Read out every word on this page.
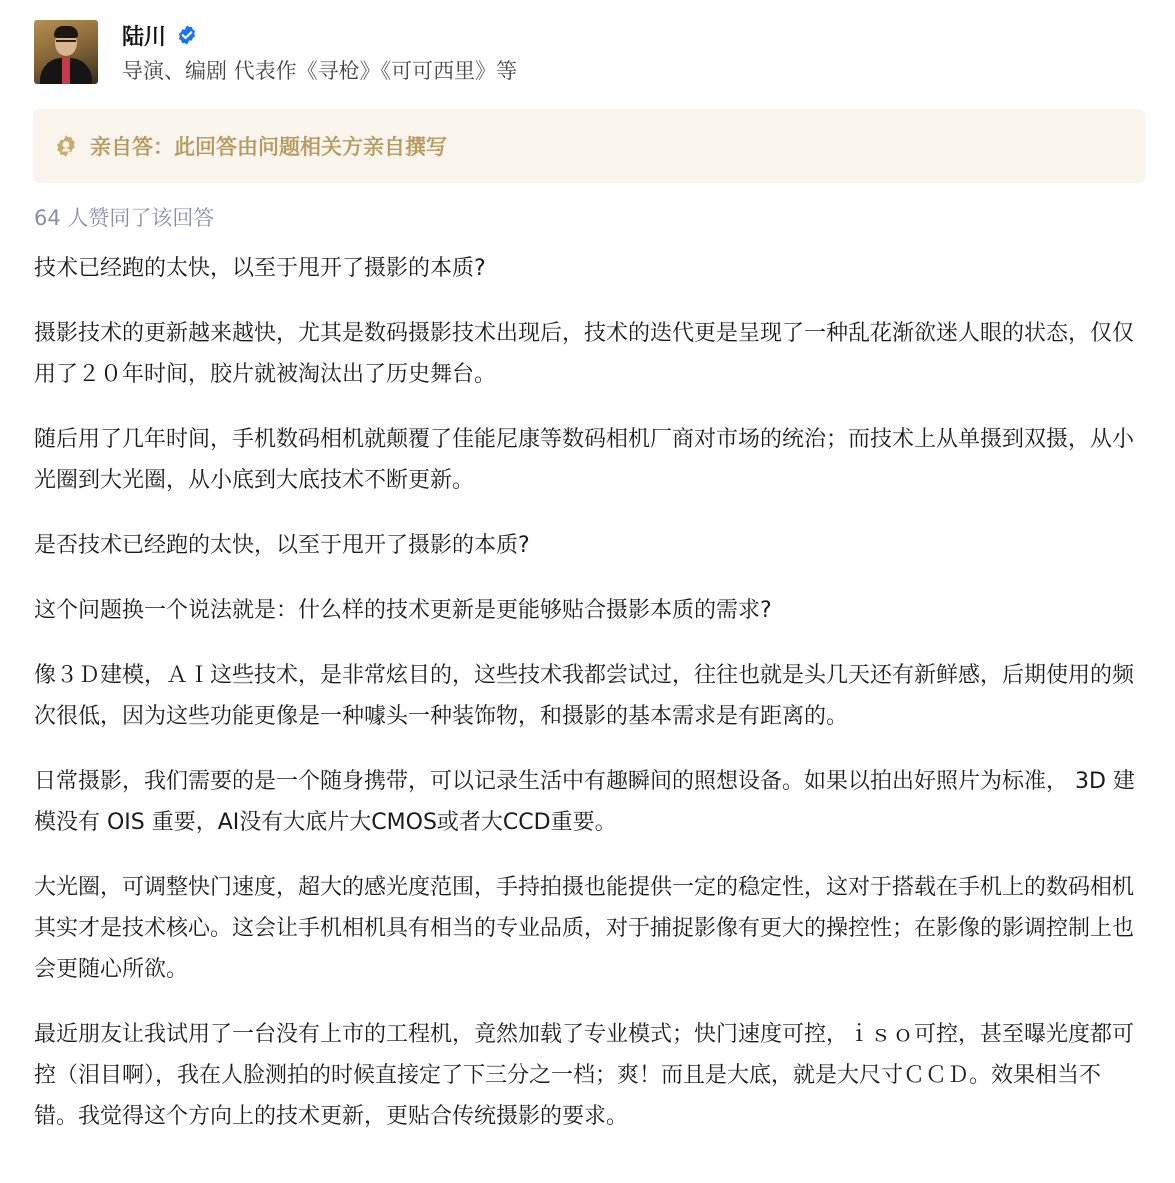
陆川
导演、编剧 代表作《寻枪》《可可西里》等
亲自答：此回答由问题相关方亲自撰写
64 人赞同了该回答

技术已经跑的太快，以至于甩开了摄影的本质?

摄影技术的更新越来越快，尤其是数码摄影技术出现后，技术的迭代更是呈现了一种乱花渐欲迷人眼的状态，仅仅用了２０年时间，胶片就被淘汰出了历史舞台。

随后用了几年时间，手机数码相机就颠覆了佳能尼康等数码相机厂商对市场的统治；而技术上从单摄到双摄，从小光圈到大光圈，从小底到大底技术不断更新。

是否技术已经跑的太快，以至于甩开了摄影的本质?

这个问题换一个说法就是：什么样的技术更新是更能够贴合摄影本质的需求?

像３Ｄ建模，ＡＩ这些技术，是非常炫目的，这些技术我都尝试过，往往也就是头几天还有新鲜感，后期使用的频次很低，因为这些功能更像是一种噱头一种装饰物，和摄影的基本需求是有距离的。

日常摄影，我们需要的是一个随身携带，可以记录生活中有趣瞬间的照想设备。如果以拍出好照片为标准， 3D 建模没有 OIS 重要，AI没有大底片大CMOS或者大CCD重要。

大光圈，可调整快门速度，超大的感光度范围，手持拍摄也能提供一定的稳定性，这对于搭载在手机上的数码相机其实才是技术核心。这会让手机相机具有相当的专业品质，对于捕捉影像有更大的操控性；在影像的影调控制上也会更随心所欲。

最近朋友让我试用了一台没有上市的工程机，竟然加载了专业模式；快门速度可控，ｉｓｏ可控，甚至曝光度都可控（泪目啊），我在人脸测拍的时候直接定了下三分之一档；爽！而且是大底，就是大尺寸ＣＣＤ。效果相当不错。我觉得这个方向上的技术更新，更贴合传统摄影的要求。
